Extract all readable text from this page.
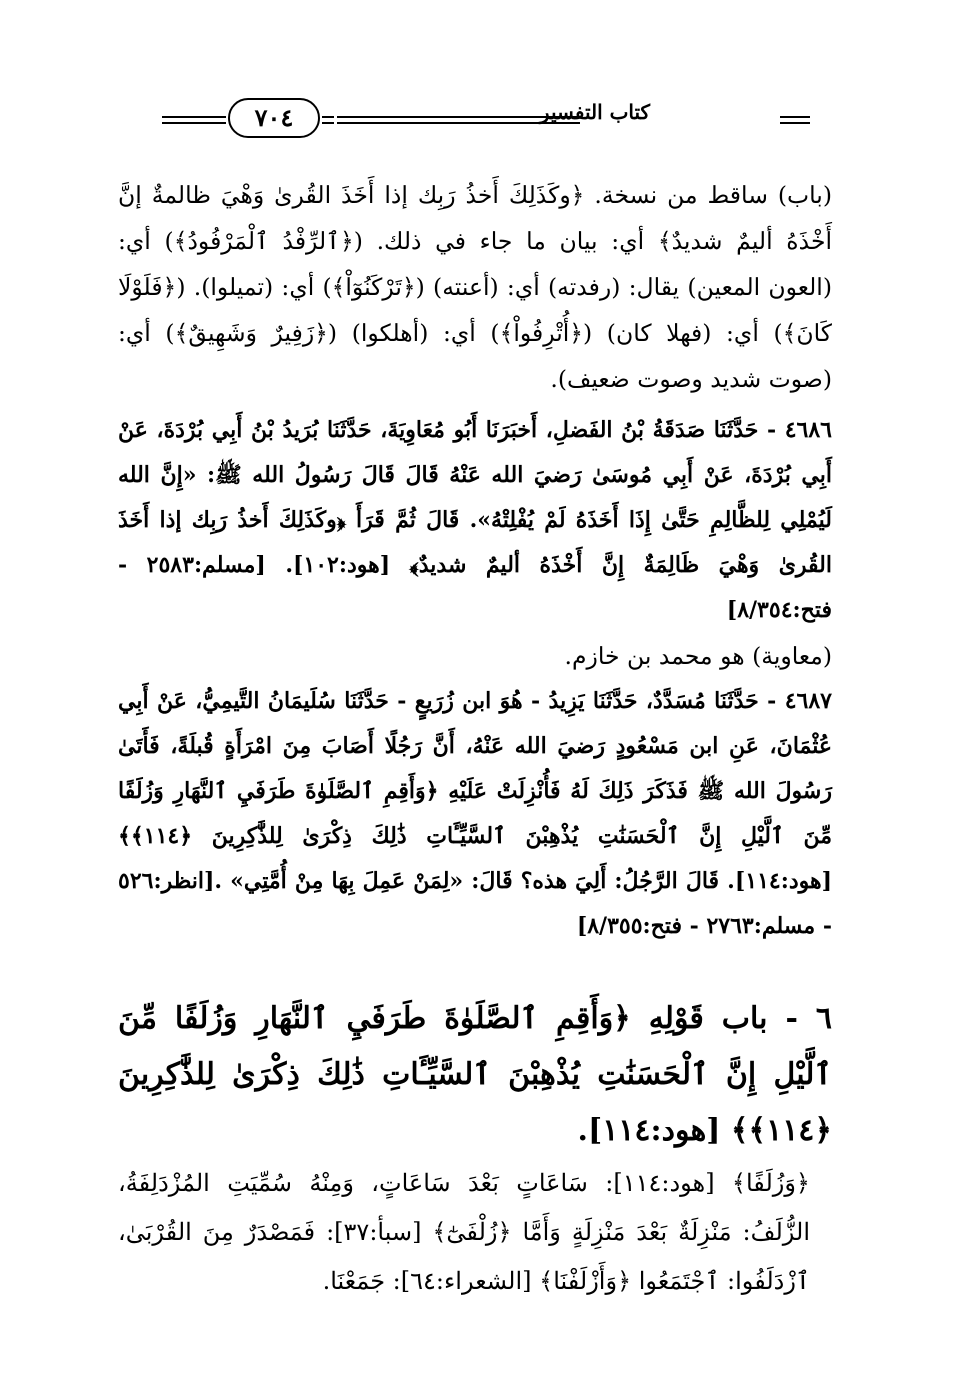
٧٠٤	كتاب التفسير

(باب) ساقط من نسخة. ﴿وكَذَلِكَ أَخذُ رَبِك إذا أَخَذَ القُرىٰ وَهْيَ ظالمةٌ إنَّ أَخْذَهُ أليمٌ شديدٌ﴾ أي: بيان ما جاء في ذلك. (﴿ٱلرِّفْدُ ٱلْمَرْفُودُ﴾) أي: (العون المعين) يقال: (رفدته) أي: (أعنته) (﴿تَرْكَنُوٓاْ﴾) أي: (تميلوا). (﴿فَلَوْلَا كَانَ﴾) أي: (فهلا كان) (﴿أُتْرِفُواْ﴾) أي: (أهلكوا) (﴿زَفِيرٌ وَشَهِيقٌ﴾) أي: (صوت شديد وصوت ضعيف).

٤٦٨٦ - حَدَّثَنَا صَدَقَةُ بْنُ الفَضلِ، أَخبَرَنَا أَبُو مُعَاوِيَةَ، حَدَّثَنَا بُرَيدُ بْنُ أَبِي بُرْدَةَ، عَنْ أَبِي بُرْدَةَ، عَنْ أَبِي مُوسَىٰ رَضيَ الله عَنْهُ قَالَ قَالَ رَسُولُ الله ﷺ: «إِنَّ الله لَيُمْلِي لِلظَّالِمِ حَتَّىٰ إِذَا أَخَذَهُ لَمْ يُفْلِتْهُ». قَالَ ثُمَّ قَرَأَ ﴿وكَذَلِكَ أَخذُ رَبِك إذا أَخَذَ القُرىٰ وَهْيَ ظَالِمَةٌ إِنَّ أَخْذَهُ أليمٌ شديدٌ﴾ [هود:١٠٢]. [مسلم:٢٥٨٣ - فتح:٨/٣٥٤]

(معاوية) هو محمد بن خازم.

٤٦٨٧ - حَدَّثَنَا مُسَدَّدٌ، حَدَّثَنَا يَزِيدُ - هُوَ ابن زُرَيعٍ - حَدَّثَنَا سُلَيمَانُ التَّيمِيُّ، عَنْ أَبِي عُثْمَانَ، عَنِ ابن مَسْعُودٍ رَضيَ الله عَنْهُ، أَنَّ رَجُلًا أَصَابَ مِنَ امْرَأَةٍ قُبلَةً، فَأَتَىٰ رَسُولَ الله ﷺ فَذَكَرَ ذَلِكَ لَهُ فَأُنْزِلَتْ عَلَيْهِ ﴿وَأَقِمِ ٱلصَّلَوٰةَ طَرَفَيِ ٱلنَّهَارِ وَزُلَفًا مِّنَ ٱلَّيْلِ إِنَّ ٱلْحَسَنَٰتِ يُذْهِبْنَ ٱلسَّيِّـَٔاتِ ذَٰلِكَ ذِكْرَىٰ لِلذَّٰكِرِينَ ﴿١١٤﴾﴾ [هود:١١٤]. قَالَ الرَّجُلُ: أَلِيَ هذه؟ قَالَ: «لِمَنْ عَمِلَ بِهَا مِنْ أُمَّتِي» .[انظر:٥٢٦ - مسلم:٢٧٦٣ - فتح:٨/٣٥٥]

٦ - باب قَوْلِهِ ﴿وَأَقِمِ ٱلصَّلَوٰةَ طَرَفَيِ ٱلنَّهَارِ وَزُلَفًا مِّنَ ٱلَّيْلِ إِنَّ ٱلْحَسَنَٰتِ يُذْهِبْنَ ٱلسَّيِّـَٔاتِ ذَٰلِكَ ذِكْرَىٰ لِلذَّٰكِرِينَ ﴿١١٤﴾﴾ [هود:١١٤].

﴿وَزُلَفًا﴾ [هود:١١٤]: سَاعَاتٍ بَعْدَ سَاعَاتٍ، وَمِنْهُ سُمِّيَتِ المُزْدَلِفَةُ، الزُّلَفُ: مَنْزِلَةٌ بَعْدَ مَنْزِلَةٍ وَأَمَّا ﴿زُلْفَىٰٓ﴾ [سبأ:٣٧]: فَمَصْدَرٌ مِنَ القُرْبَىٰ، ٱزْدَلَفُوا: ٱجْتَمَعُوا ﴿وَأَزْلَفْنَا﴾ [الشعراء:٦٤]: جَمَعْنَا.
